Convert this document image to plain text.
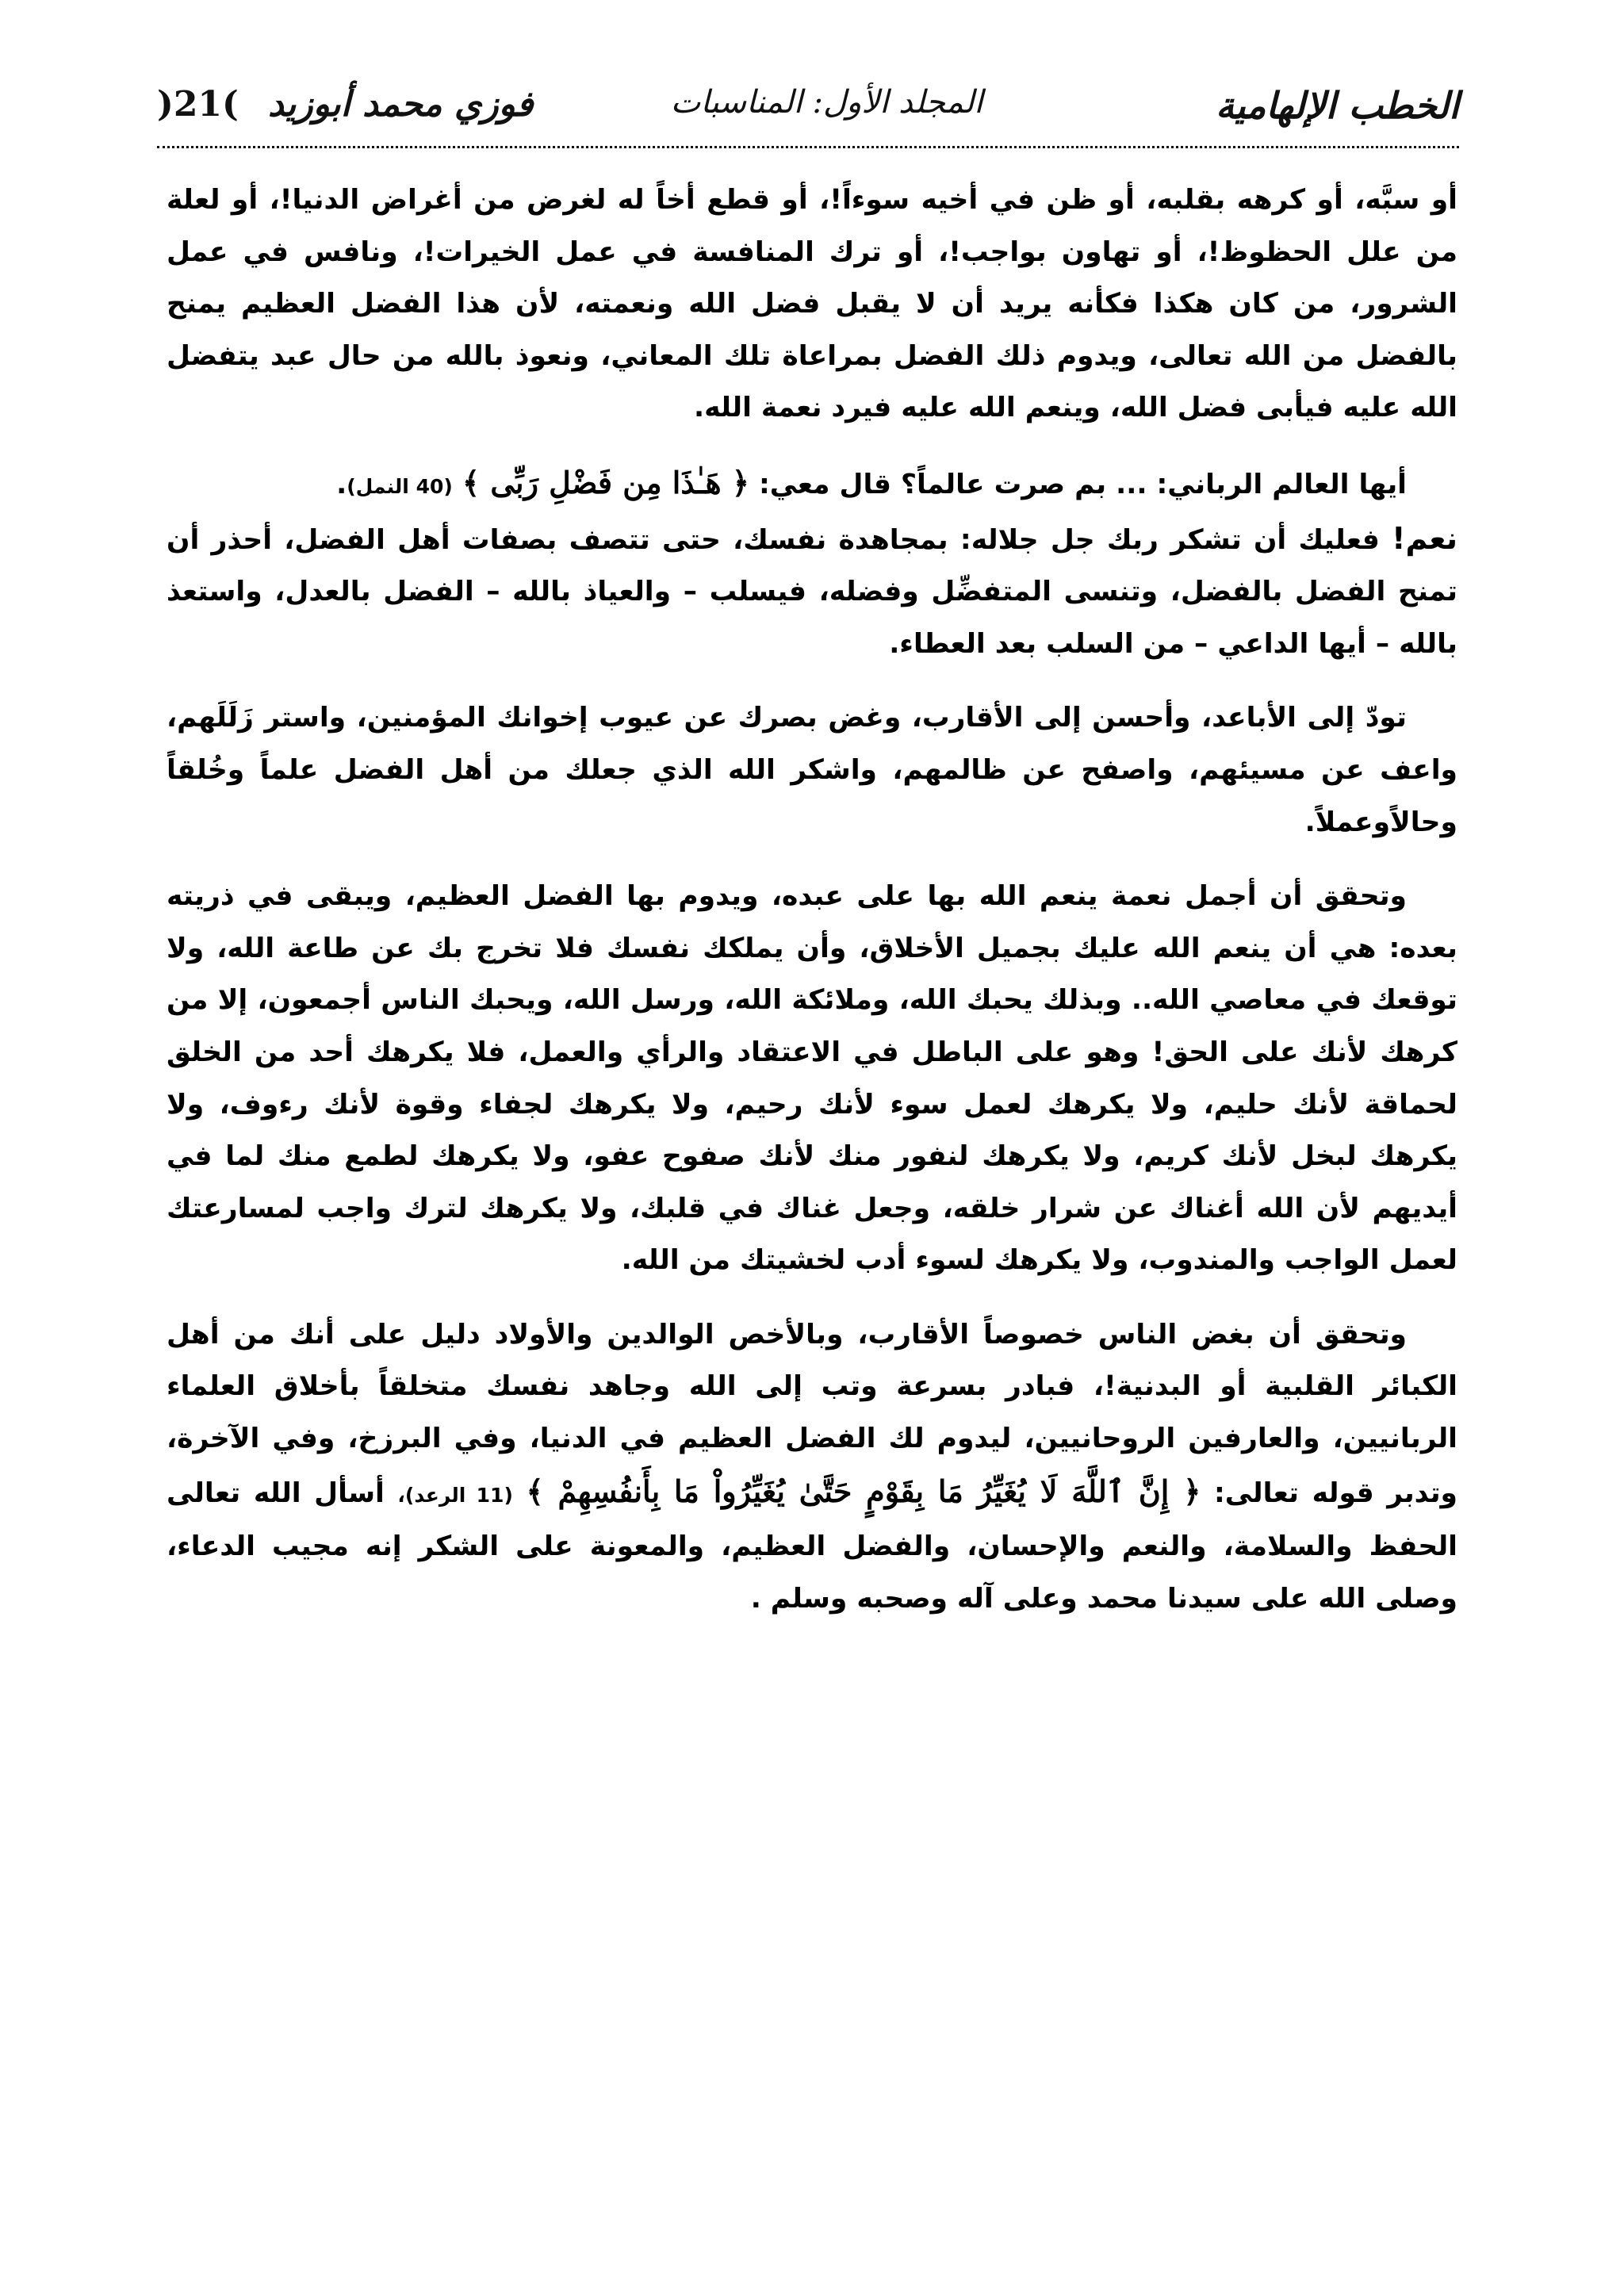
الخطب الإلهامية
المجلد الأول: المناسبات
فوزي محمد أبوزيد
)21(

أو سبَّه، أو كرهه بقلبه، أو ظن في أخيه سوءاً!، أو قطع أخاً له لغرض من أغراض الدنيا!، أو لعلة من علل الحظوظ!، أو تهاون بواجب!، أو ترك المنافسة في عمل الخيرات!، ونافس في عمل الشرور، من كان هكذا فكأنه يريد أن لا يقبل فضل الله ونعمته، لأن هذا الفضل العظيم يمنح بالفضل من الله تعالى، ويدوم ذلك الفضل بمراعاة تلك المعاني، ونعوذ بالله من حال عبد يتفضل الله عليه فيأبى فضل الله، وينعم الله عليه فيرد نعمة الله.

أيها العالم الرباني: ... بم صرت عالماً؟ قال معي: ﴿ هَـٰذَا مِن فَضْلِ رَبِّى ﴾ (40 النمل).
نعم! فعليك أن تشكر ربك جل جلاله: بمجاهدة نفسك، حتى تتصف بصفات أهل الفضل، أحذر أن تمنح الفضل بالفضل، وتنسى المتفضِّل وفضله، فيسلب – والعياذ بالله – الفضل بالعدل، واستعذ بالله – أيها الداعي – من السلب بعد العطاء.

تودّ إلى الأباعد، وأحسن إلى الأقارب، وغض بصرك عن عيوب إخوانك المؤمنين، واستر زَلَلَهم، واعف عن مسيئهم، واصفح عن ظالمهم، واشكر الله الذي جعلك من أهل الفضل علماً وخُلقاً وحالاًوعملاً.

وتحقق أن أجمل نعمة ينعم الله بها على عبده، ويدوم بها الفضل العظيم، ويبقى في ذريته بعده: هي أن ينعم الله عليك بجميل الأخلاق، وأن يملكك نفسك فلا تخرج بك عن طاعة الله، ولا توقعك في معاصي الله.. وبذلك يحبك الله، وملائكة الله، ورسل الله، ويحبك الناس أجمعون، إلا من كرهك لأنك على الحق! وهو على الباطل في الاعتقاد والرأي والعمل، فلا يكرهك أحد من الخلق لحماقة لأنك حليم، ولا يكرهك لعمل سوء لأنك رحيم، ولا يكرهك لجفاء وقوة لأنك رءوف، ولا يكرهك لبخل لأنك كريم، ولا يكرهك لنفور منك لأنك صفوح عفو، ولا يكرهك لطمع منك لما في أيديهم لأن الله أغناك عن شرار خلقه، وجعل غناك في قلبك، ولا يكرهك لترك واجب لمسارعتك لعمل الواجب والمندوب، ولا يكرهك لسوء أدب لخشيتك من الله.

وتحقق أن بغض الناس خصوصاً الأقارب، وبالأخص الوالدين والأولاد دليل على أنك من أهل الكبائر القلبية أو البدنية!، فبادر بسرعة وتب إلى الله وجاهد نفسك متخلقاً بأخلاق العلماء الربانيين، والعارفين الروحانيين، ليدوم لك الفضل العظيم في الدنيا، وفي البرزخ، وفي الآخرة، وتدبر قوله تعالى: ﴿ إِنَّ ٱللَّهَ لَا يُغَيِّرُ مَا بِقَوْمٍ حَتَّىٰ يُغَيِّرُواْ مَا بِأَنفُسِهِمْ ﴾ (11 الرعد)، أسأل الله تعالى الحفظ والسلامة، والنعم والإحسان، والفضل العظيم، والمعونة على الشكر إنه مجيب الدعاء، وصلى الله على سيدنا محمد وعلى آله وصحبه وسلم .
